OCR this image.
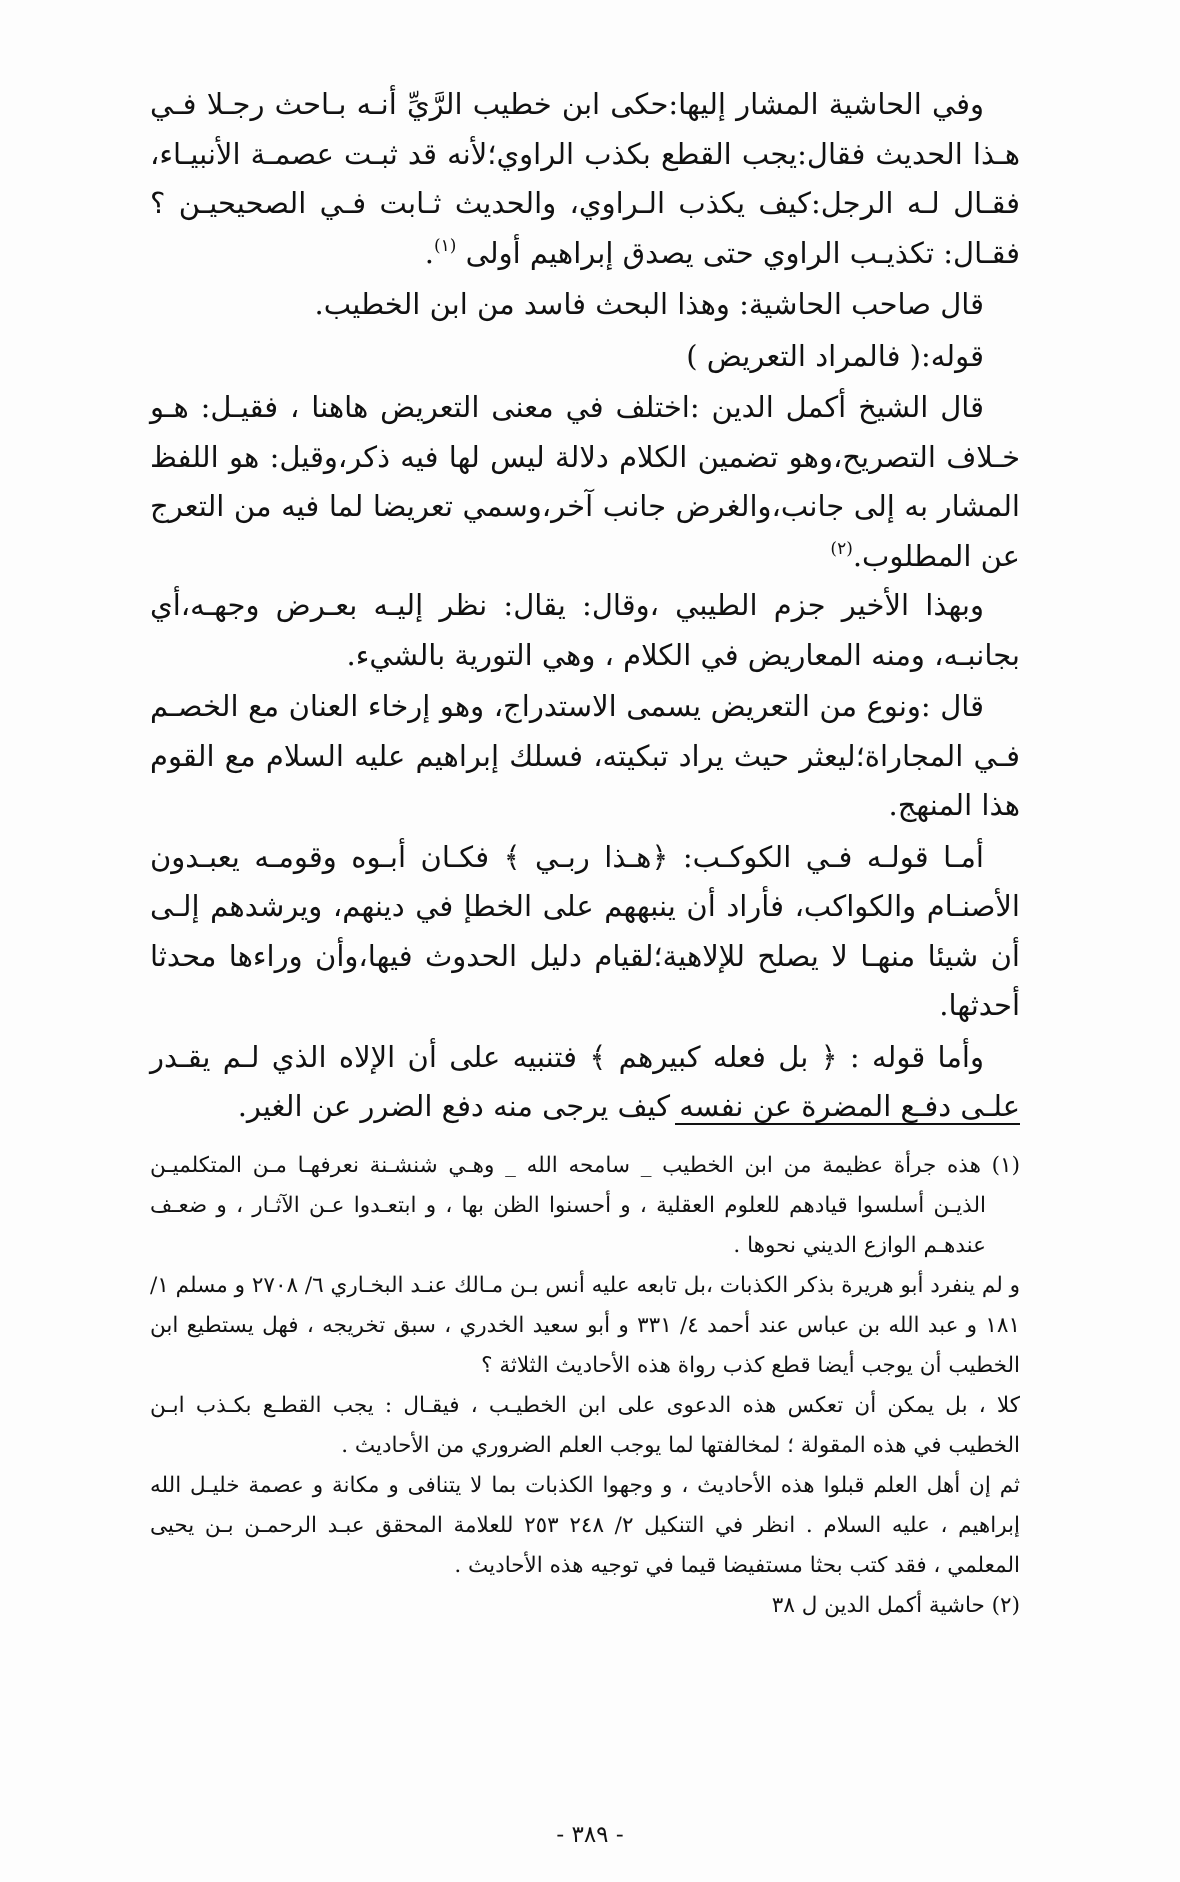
وفي الحاشية المشار إليها:حكى ابن خطيب الرَّيِّ أنـه بـاحث رجـلا فـي هـذا الحديث فقال:يجب القطع بكذب الراوي؛لأنه قد ثبـت عصمـة الأنبيـاء، فقـال لـه الرجل:كيف يكذب الـراوي، والحديث ثـابت فـي الصحيحيـن ؟ فقـال: تكذيـب الراوي حتى يصدق إبراهيم أولى $^{(١)}$.

قال صاحب الحاشية: وهذا البحث فاسد من ابن الخطيب.

قوله:( فالمراد التعريض )

قال الشيخ أكمل الدين :اختلف في معنى التعريض هاهنا ، فقيـل: هـو خـلاف التصريح،وهو تضمين الكلام دلالة ليس لها فيه ذكر،وقيل: هو اللفظ المشار به إلى جانب،والغرض جانب آخر،وسمي تعريضا لما فيه من التعرج عن المطلوب.$^{(٢)}$

وبهذا الأخير جزم الطيبي ،وقال: يقال: نظر إليـه بعـرض وجهـه،أي بجانبـه، ومنه المعاريض في الكلام ، وهي التورية بالشيء.

قال :ونوع من التعريض يسمى الاستدراج، وهو إرخاء العنان مع الخصـم فـي المجاراة؛ليعثر حيث يراد تبكيته، فسلك إبراهيم عليه السلام مع القوم هذا المنهج.

أمـا قولـه فـي الكوكـب: ﴿هـذا ربـي ﴾ فكـان أبـوه وقومـه يعبـدون الأصنـام والكواكب، فأراد أن ينبههم على الخطإ في دينهم، ويرشدهم إلـى أن شيئا منهـا لا يصلح للإلاهية؛لقيام دليل الحدوث فيها،وأن وراءها محدثا أحدثها.

وأما قوله : ﴿ بل فعله كبيرهم ﴾ فتنبيه على أن الإلاه الذي لـم يقـدر علـى دفـع المضرة عن نفسه كيف يرجى منه دفع الضرر عن الغير.

(١) هذه جرأة عظيمة من ابن الخطيب _ سامحه الله _ وهـي شنشـنة نعرفهـا مـن المتكلميـن الذيـن أسلسوا قيادهم للعلوم العقلية ، و أحسنوا الظن بها ، و ابتعـدوا عـن الآثـار ، و ضعـف عندهـم الوازع الديني نحوها .

و لم ينفرد أبو هريرة بذكر الكذبات ،بل تابعه عليه أنس بـن مـالك عنـد البخـاري ٦/ ٢٧٠٨ و مسلم ١/ ١٨١ و عبد الله بن عباس عند أحمد ٤/ ٣٣١ و أبو سعيد الخدري ، سبق تخريجه ، فهل يستطيع ابن الخطيب أن يوجب أيضا قطع كذب رواة هذه الأحاديث الثلاثة ؟

كلا ، بل يمكن أن تعكس هذه الدعوى على ابن الخطيـب ، فيقـال : يجب القطـع بكـذب ابـن الخطيب في هذه المقولة ؛ لمخالفتها لما يوجب العلم الضروري من الأحاديث .

ثم إن أهل العلم قبلوا هذه الأحاديث ، و وجهوا الكذبات بما لا يتنافى و مكانة و عصمة خليـل الله إبراهيم ، عليه السلام . انظر في التنكيل ٢/ ٢٤٨ ٢٥٣ للعلامة المحقق عبـد الرحمـن بـن يحيى المعلمي ، فقد كتب بحثا مستفيضا قيما في توجيه هذه الأحاديث .

(٢) حاشية أكمل الدين ل ٣٨

- ٣٨٩ -
